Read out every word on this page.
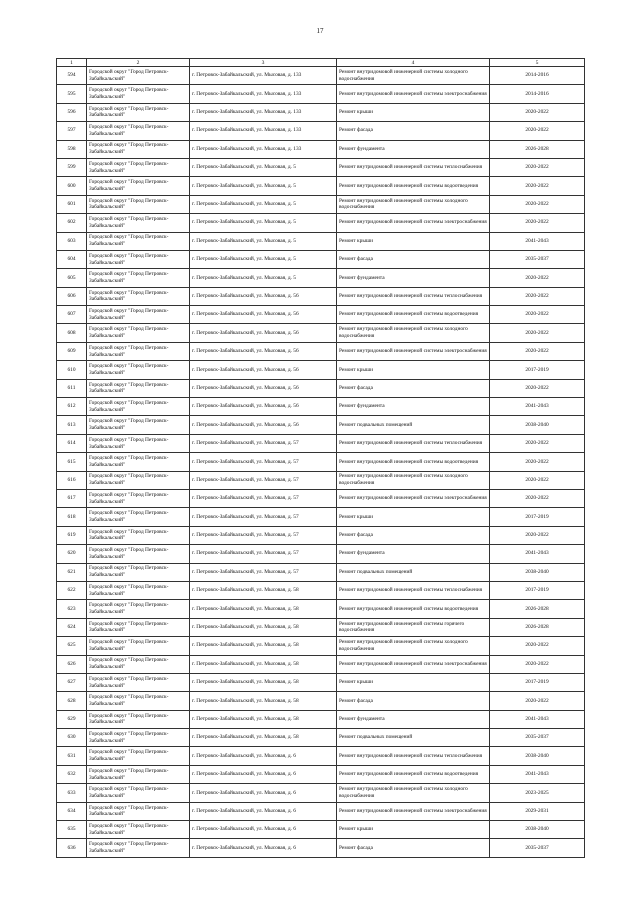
17
1	2	3	4	5
594	Городской округ "Город Петровск-Забайкальский"	г. Петровск-Забайкальский, ул. Мысовая, д. 133	Ремонт внутридомовой инженерной системы холодного водоснабжения	2014-2016
595	Городской округ "Город Петровск-Забайкальский"	г. Петровск-Забайкальский, ул. Мысовая, д. 133	Ремонт внутридомовой инженерной системы электроснабжения	2014-2016
596	Городской округ "Город Петровск-Забайкальский"	г. Петровск-Забайкальский, ул. Мысовая, д. 133	Ремонт крыши	2020-2022
597	Городской округ "Город Петровск-Забайкальский"	г. Петровск-Забайкальский, ул. Мысовая, д. 133	Ремонт фасада	2020-2022
598	Городской округ "Город Петровск-Забайкальский"	г. Петровск-Забайкальский, ул. Мысовая, д. 133	Ремонт фундамента	2026-2028
599	Городской округ "Город Петровск-Забайкальский"	г. Петровск-Забайкальский, ул. Мысовая, д. 5	Ремонт внутридомовой инженерной системы теплоснабжения	2020-2022
600	Городской округ "Город Петровск-Забайкальский"	г. Петровск-Забайкальский, ул. Мысовая, д. 5	Ремонт внутридомовой инженерной системы водоотведения	2020-2022
601	Городской округ "Город Петровск-Забайкальский"	г. Петровск-Забайкальский, ул. Мысовая, д. 5	Ремонт внутридомовой инженерной системы холодного водоснабжения	2020-2022
602	Городской округ "Город Петровск-Забайкальский"	г. Петровск-Забайкальский, ул. Мысовая, д. 5	Ремонт внутридомовой инженерной системы электроснабжения	2020-2022
603	Городской округ "Город Петровск-Забайкальский"	г. Петровск-Забайкальский, ул. Мысовая, д. 5	Ремонт крыши	2041-2043
604	Городской округ "Город Петровск-Забайкальский"	г. Петровск-Забайкальский, ул. Мысовая, д. 5	Ремонт фасада	2035-2037
605	Городской округ "Город Петровск-Забайкальский"	г. Петровск-Забайкальский, ул. Мысовая, д. 5	Ремонт фундамента	2020-2022
606	Городской округ "Город Петровск-Забайкальский"	г. Петровск-Забайкальский, ул. Мысовая, д. 56	Ремонт внутридомовой инженерной системы теплоснабжения	2020-2022
607	Городской округ "Город Петровск-Забайкальский"	г. Петровск-Забайкальский, ул. Мысовая, д. 56	Ремонт внутридомовой инженерной системы водоотведения	2020-2022
608	Городской округ "Город Петровск-Забайкальский"	г. Петровск-Забайкальский, ул. Мысовая, д. 56	Ремонт внутридомовой инженерной системы холодного водоснабжения	2020-2022
609	Городской округ "Город Петровск-Забайкальский"	г. Петровск-Забайкальский, ул. Мысовая, д. 56	Ремонт внутридомовой инженерной системы электроснабжения	2020-2022
610	Городской округ "Город Петровск-Забайкальский"	г. Петровск-Забайкальский, ул. Мысовая, д. 56	Ремонт крыши	2017-2019
611	Городской округ "Город Петровск-Забайкальский"	г. Петровск-Забайкальский, ул. Мысовая, д. 56	Ремонт фасада	2020-2022
612	Городской округ "Город Петровск-Забайкальский"	г. Петровск-Забайкальский, ул. Мысовая, д. 56	Ремонт фундамента	2041-2043
613	Городской округ "Город Петровск-Забайкальский"	г. Петровск-Забайкальский, ул. Мысовая, д. 56	Ремонт подвальных помещений	2038-2040
614	Городской округ "Город Петровск-Забайкальский"	г. Петровск-Забайкальский, ул. Мысовая, д. 57	Ремонт внутридомовой инженерной системы теплоснабжения	2020-2022
615	Городской округ "Город Петровск-Забайкальский"	г. Петровск-Забайкальский, ул. Мысовая, д. 57	Ремонт внутридомовой инженерной системы водоотведения	2020-2022
616	Городской округ "Город Петровск-Забайкальский"	г. Петровск-Забайкальский, ул. Мысовая, д. 57	Ремонт внутридомовой инженерной системы холодного водоснабжения	2020-2022
617	Городской округ "Город Петровск-Забайкальский"	г. Петровск-Забайкальский, ул. Мысовая, д. 57	Ремонт внутридомовой инженерной системы электроснабжения	2020-2022
618	Городской округ "Город Петровск-Забайкальский"	г. Петровск-Забайкальский, ул. Мысовая, д. 57	Ремонт крыши	2017-2019
619	Городской округ "Город Петровск-Забайкальский"	г. Петровск-Забайкальский, ул. Мысовая, д. 57	Ремонт фасада	2020-2022
620	Городской округ "Город Петровск-Забайкальский"	г. Петровск-Забайкальский, ул. Мысовая, д. 57	Ремонт фундамента	2041-2043
621	Городской округ "Город Петровск-Забайкальский"	г. Петровск-Забайкальский, ул. Мысовая, д. 57	Ремонт подвальных помещений	2038-2040
622	Городской округ "Город Петровск-Забайкальский"	г. Петровск-Забайкальский, ул. Мысовая, д. 58	Ремонт внутридомовой инженерной системы теплоснабжения	2017-2019
623	Городской округ "Город Петровск-Забайкальский"	г. Петровск-Забайкальский, ул. Мысовая, д. 58	Ремонт внутридомовой инженерной системы водоотведения	2026-2028
624	Городской округ "Город Петровск-Забайкальский"	г. Петровск-Забайкальский, ул. Мысовая, д. 58	Ремонт внутридомовой инженерной системы горячего водоснабжения	2026-2028
625	Городской округ "Город Петровск-Забайкальский"	г. Петровск-Забайкальский, ул. Мысовая, д. 58	Ремонт внутридомовой инженерной системы холодного водоснабжения	2020-2022
626	Городской округ "Город Петровск-Забайкальский"	г. Петровск-Забайкальский, ул. Мысовая, д. 58	Ремонт внутридомовой инженерной системы электроснабжения	2020-2022
627	Городской округ "Город Петровск-Забайкальский"	г. Петровск-Забайкальский, ул. Мысовая, д. 58	Ремонт крыши	2017-2019
628	Городской округ "Город Петровск-Забайкальский"	г. Петровск-Забайкальский, ул. Мысовая, д. 58	Ремонт фасада	2020-2022
629	Городской округ "Город Петровск-Забайкальский"	г. Петровск-Забайкальский, ул. Мысовая, д. 58	Ремонт фундамента	2041-2043
630	Городской округ "Город Петровск-Забайкальский"	г. Петровск-Забайкальский, ул. Мысовая, д. 58	Ремонт подвальных помещений	2035-2037
631	Городской округ "Город Петровск-Забайкальский"	г. Петровск-Забайкальский, ул. Мысовая, д. 6	Ремонт внутридомовой инженерной системы теплоснабжения	2038-2040
632	Городской округ "Город Петровск-Забайкальский"	г. Петровск-Забайкальский, ул. Мысовая, д. 6	Ремонт внутридомовой инженерной системы водоотведения	2041-2043
633	Городской округ "Город Петровск-Забайкальский"	г. Петровск-Забайкальский, ул. Мысовая, д. 6	Ремонт внутридомовой инженерной системы холодного водоснабжения	2023-2025
634	Городской округ "Город Петровск-Забайкальский"	г. Петровск-Забайкальский, ул. Мысовая, д. 6	Ремонт внутридомовой инженерной системы электроснабжения	2029-2031
635	Городской округ "Город Петровск-Забайкальский"	г. Петровск-Забайкальский, ул. Мысовая, д. 6	Ремонт крыши	2038-2040
636	Городской округ "Город Петровск-Забайкальский"	г. Петровск-Забайкальский, ул. Мысовая, д. 6	Ремонт фасада	2035-2037
